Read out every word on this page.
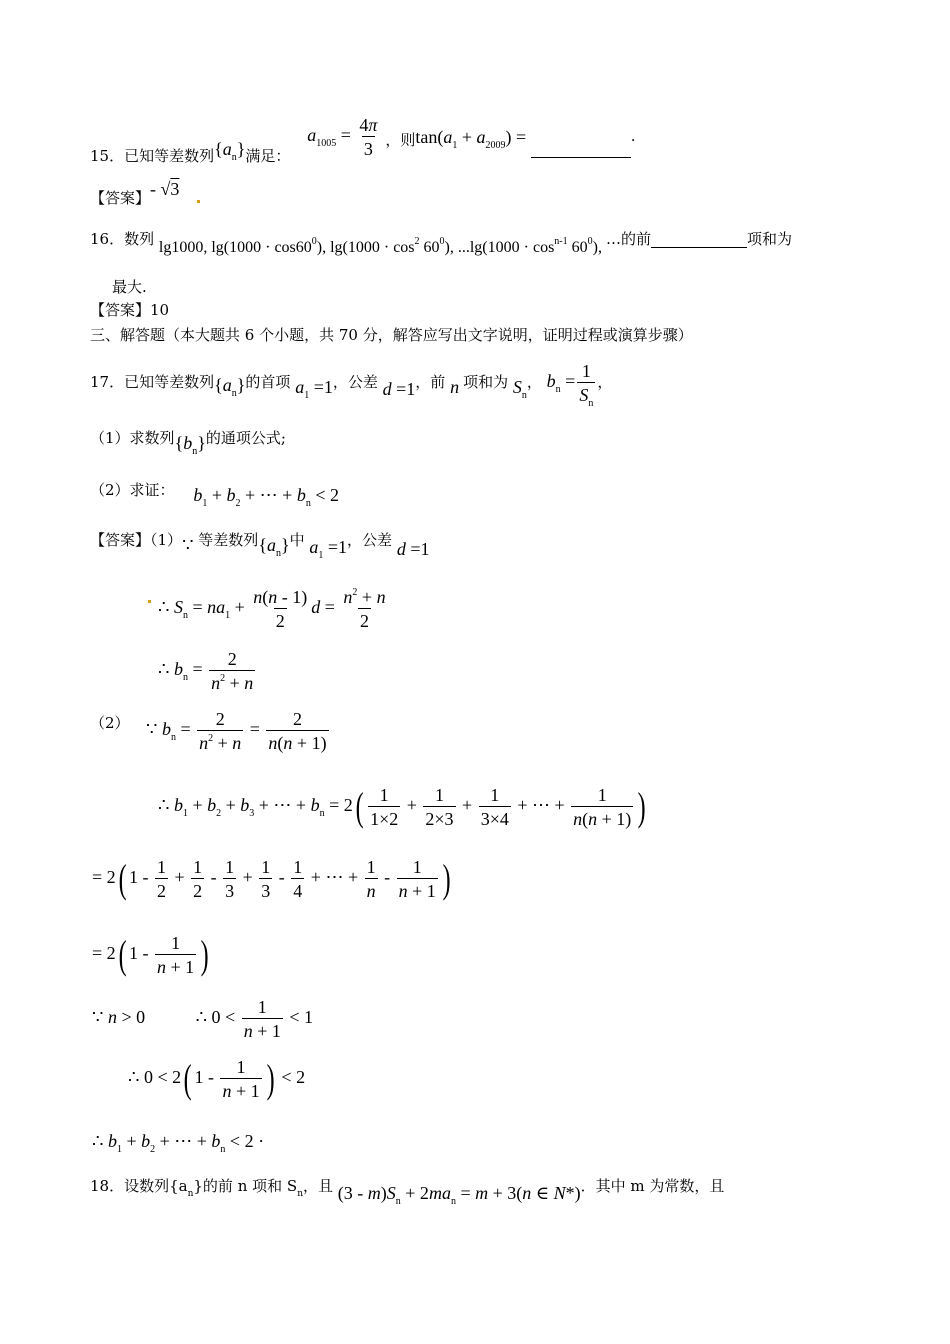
15．已知等差数列$\{a_n\}$满足： $a_{1005} = \frac{4\pi}{3}$ ，则$\tan(a_1 + a_{2009})$ =	.
【答案】- √3
16．数列 lg1000, $\lg(1000 \cdot \cos 60^0)$, $\lg(1000 \cdot \cos^2 60^0)$, $...\lg(1000 \cdot \cos^{n-1} 60^0)$, …的前	项和为
最大.
【答案】10
三、解答题（本大题共 6 个小题，共 70 分，解答应写出文字说明，证明过程或演算步骤）
17．已知等差数列$\{a_n\}$的首项 $a_1 =1$，公差 d =1，前 n 项和为 $S_n$， $b_n = \frac{1}{S_n}$ ，
（1）求数列$\{b_n\}$的通项公式;
（2）求证： $b_1 + b_2$ + ⋯ + $b_n < 2$
【答案】（1）∵ 等差数列$\{a_n\}$中 $a_1 =1$，公差 d =1
∴ $S_n = na_1 + \frac{n(n - 1)}{2}$ $d = \frac{n^2 + n}{2}$
∴ $b_n = \frac{2}{n^2 + n}$
（2） ∵ $b_n = \frac{2}{n^2 + n} = \frac{2}{n(n + 1)}$
∴ $b_1 + b_2 + b_3$ + ⋯ + $b_n = 2( \frac{1}{1\times 2} + \frac{1}{2\times 3} + \frac{1}{3\times 4}$ + ⋯ + $\frac{1}{n(n + 1)}$ )
= 2( $1 - \frac{1}{2} + \frac{1}{2} - \frac{1}{3} + \frac{1}{3} - \frac{1}{4}$ + ⋯ + $\frac{1}{n} - \frac{1}{n + 1}$ )
= 2( $1 - \frac{1}{n + 1}$ )
∵ n > 0	∴ $0 < \frac{1}{n + 1} < 1$
∴ 0 < 2( $1 - \frac{1}{n + 1}$ ) < 2
∴ $b_1 + b_2$ + ⋯ + $b_n < 2$ ·
18．设数列$\{a_n\}$的前 n 项和 $S_n$，且 $(3 - m)S_n + 2ma_n = m + 3(n$ ∈ N*)．其中 m 为常数，且
